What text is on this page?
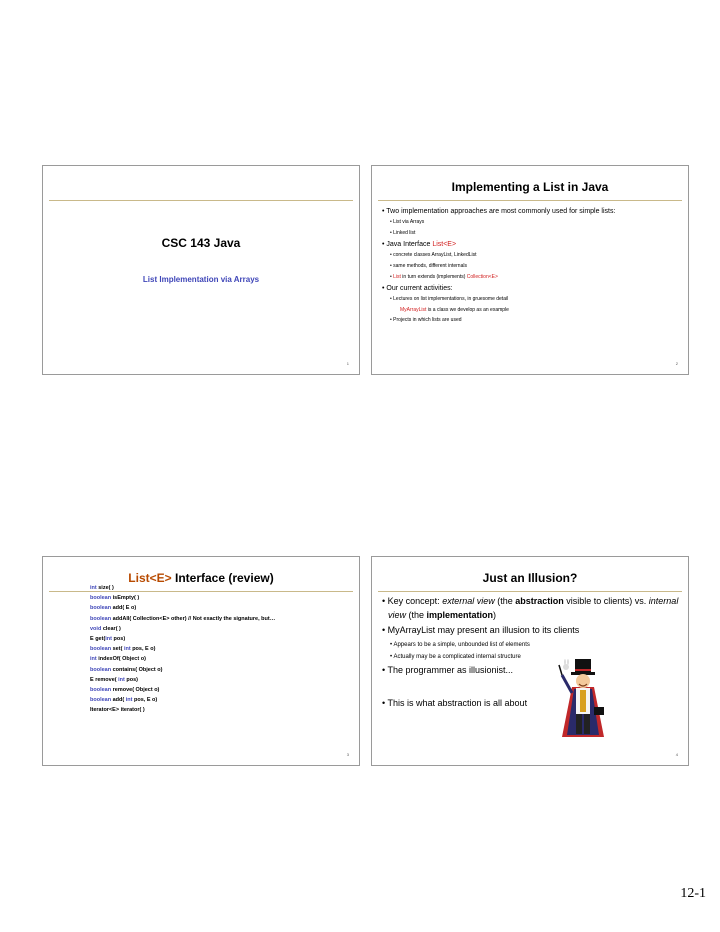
CSC 143 Java
List Implementation via Arrays
1
Implementing a List in Java
• Two implementation approaches are most commonly used for simple lists:
• List via Arrays
• Linked list
• Java Interface List<E>
• concrete classes ArrayList, LinkedList
• same methods, different internals
• List in turn extends (implements) Collection<E>
• Our current activities:
• Lectures on list implementations, in gruesome detail
MyArrayList is a class we develop as an example
• Projects in which lists are used
2
List<E> Interface (review)
int size( )
boolean isEmpty( )
boolean add( E o)
boolean addAll( Collection<E> other) // Not exactly the signature, but…
void clear( )
E get(int pos)
boolean set( int pos, E o)
int indexOf( Object o)
boolean contains( Object o)
E remove( int pos)
boolean remove( Object o)
boolean add( int pos, E o)
Iterator<E> iterator( )
3
Just an Illusion?
• Key concept: external view (the abstraction visible to clients) vs. internal view (the implementation)
• MyArrayList may present an illusion to its clients
• Appears to be a simple, unbounded list of elements
• Actually may be a complicated internal structure
• The programmer as illusionist...
• This is what abstraction is all about
4
12-1
